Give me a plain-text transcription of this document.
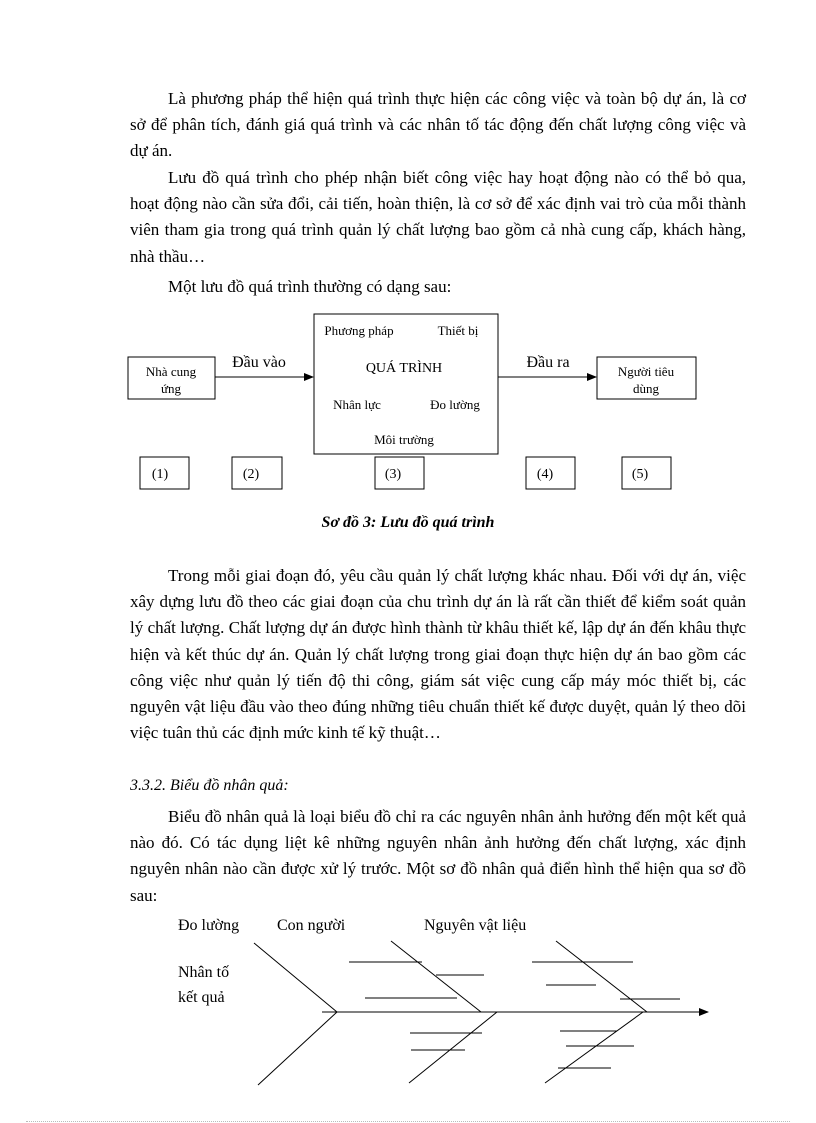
Là phương pháp thể hiện quá trình thực hiện các công việc và toàn bộ dự án, là cơ sở để phân tích, đánh giá quá trình và các nhân tố tác động đến chất lượng công việc và dự án.

Lưu đồ quá trình cho phép nhận biết công việc hay hoạt động nào có thể bỏ qua, hoạt động nào cần sửa đổi, cải tiến, hoàn thiện, là cơ sở để xác định vai trò của mỗi thành viên tham gia trong quá trình quản lý chất lượng bao gồm cả nhà cung cấp, khách hàng, nhà thầu…

Một lưu đồ quá trình thường có dạng sau:

Nhà cung
ứng
Đầu vào
Phương pháp	Thiết bị
QUÁ TRÌNH
Nhân lực	Đo lường
Môi trường
Đầu ra
Người tiêu
dùng
(1)	(2)	(3)	(4)	(5)
Sơ đồ 3: Lưu đồ quá trình

Trong mỗi giai đoạn đó, yêu cầu quản lý chất lượng khác nhau. Đối với dự án, việc xây dựng lưu đồ theo các giai đoạn của chu trình dự án là rất cần thiết để kiểm soát quản lý chất lượng. Chất lượng dự án được hình thành từ khâu thiết kế, lập dự án đến khâu thực hiện và kết thúc dự án. Quản lý chất lượng trong giai đoạn thực hiện dự án bao gồm các công việc như quản lý tiến độ thi công, giám sát việc cung cấp máy móc thiết bị, các nguyên vật liệu đầu vào theo đúng những tiêu chuẩn thiết kế được duyệt, quản lý theo dõi việc tuân thủ các định mức kinh tế kỹ thuật…

3.3.2. Biểu đồ nhân quả:

Biểu đồ nhân quả là loại biểu đồ chỉ ra các nguyên nhân ảnh hưởng đến một kết quả nào đó. Có tác dụng liệt kê những nguyên nhân ảnh hưởng đến chất lượng, xác định nguyên nhân nào cần được xử lý trước. Một sơ đồ nhân quả điển hình thể hiện qua sơ đồ sau:

Đo lường Con người	Nguyên vật liệu
Nhân tố
kết quả
